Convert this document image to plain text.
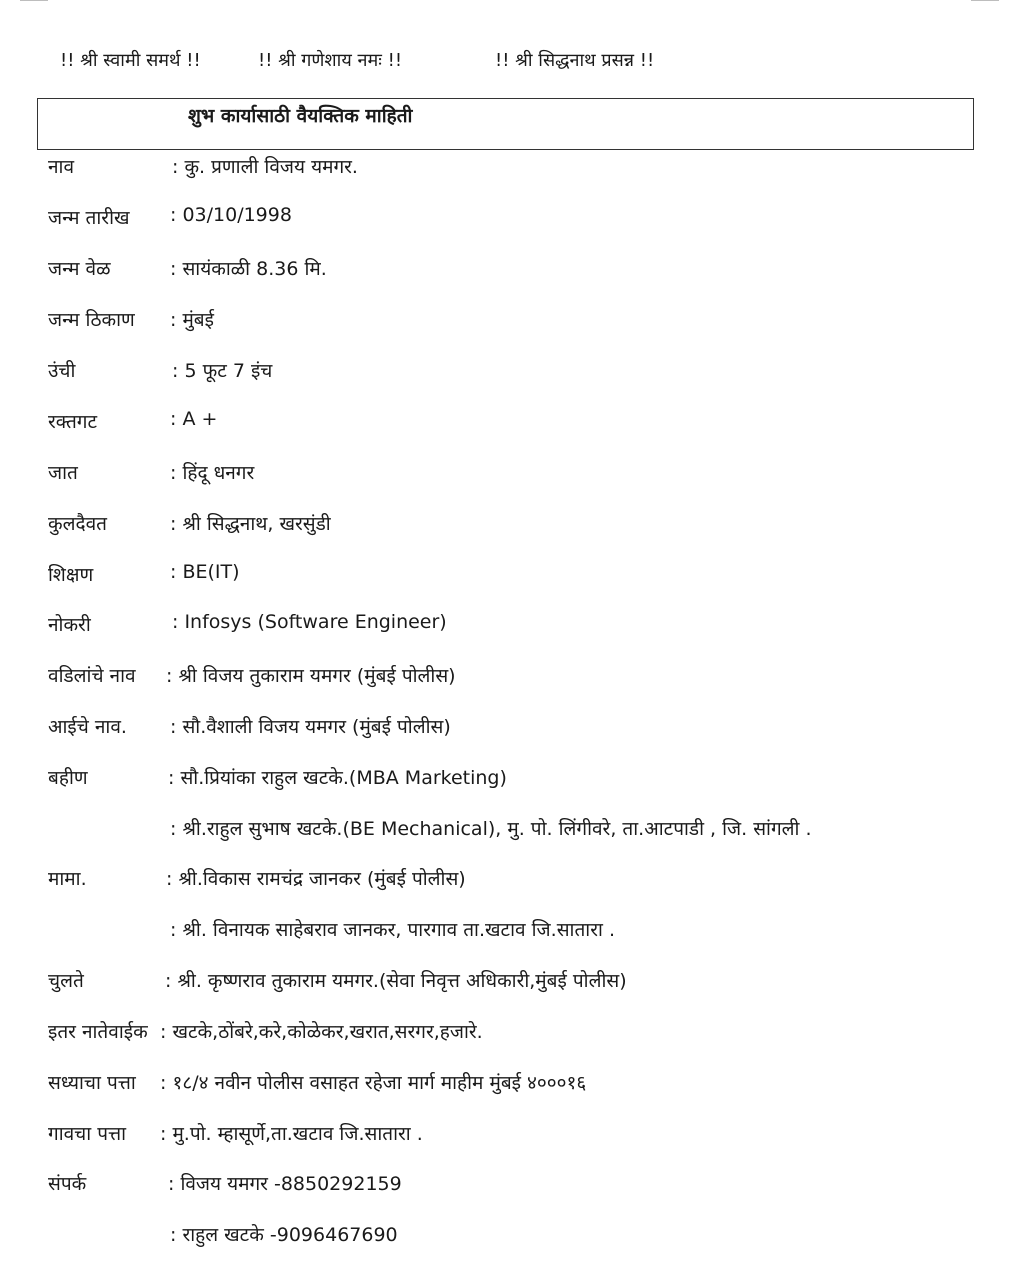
!! श्री स्वामी समर्थ !!	!! श्री गणेशाय नमः !!	!! श्री सिद्धनाथ प्रसन्न !!
शुभ कार्यासाठी वैयक्तिक माहिती
नाव	: कु. प्रणाली विजय यमगर.
जन्म तारीख : 03/10/1998
जन्म वेळ	: सायंकाळी 8.36 मि.
जन्म ठिकाण : मुंबई
उंची	: 5 फूट 7 इंच
रक्तगट	: A +
जात	: हिंदू धनगर
कुलदैवत	: श्री सिद्धनाथ, खरसुंडी
शिक्षण	: BE(IT)
नोकरी	: Infosys (Software Engineer)
वडिलांचे नाव : श्री विजय तुकाराम यमगर (मुंबई पोलीस)
आईचे नाव. : सौ.वैशाली विजय यमगर (मुंबई पोलीस)
बहीण	: सौ.प्रियांका राहुल खटके.(MBA Marketing)
: श्री.राहुल सुभाष खटके.(BE Mechanical), मु. पो. लिंगीवरे, ता.आटपाडी , जि. सांगली .
मामा.	: श्री.विकास रामचंद्र जानकर (मुंबई पोलीस)
: श्री. विनायक साहेबराव जानकर, पारगाव ता.खटाव जि.सातारा .
चुलते	: श्री. कृष्णराव तुकाराम यमगर.(सेवा निवृत्त अधिकारी,मुंबई पोलीस)
इतर नातेवाईक : खटके,ठोंबरे,करे,कोळेकर,खरात,सरगर,हजारे.
सध्याचा पत्ता : १८/४ नवीन पोलीस वसाहत रहेजा मार्ग माहीम मुंबई ४०००१६
गावचा पत्ता : मु.पो. म्हासूर्णे,ता.खटाव जि.सातारा .
संपर्क	: विजय यमगर -8850292159
: राहुल खटके -9096467690
